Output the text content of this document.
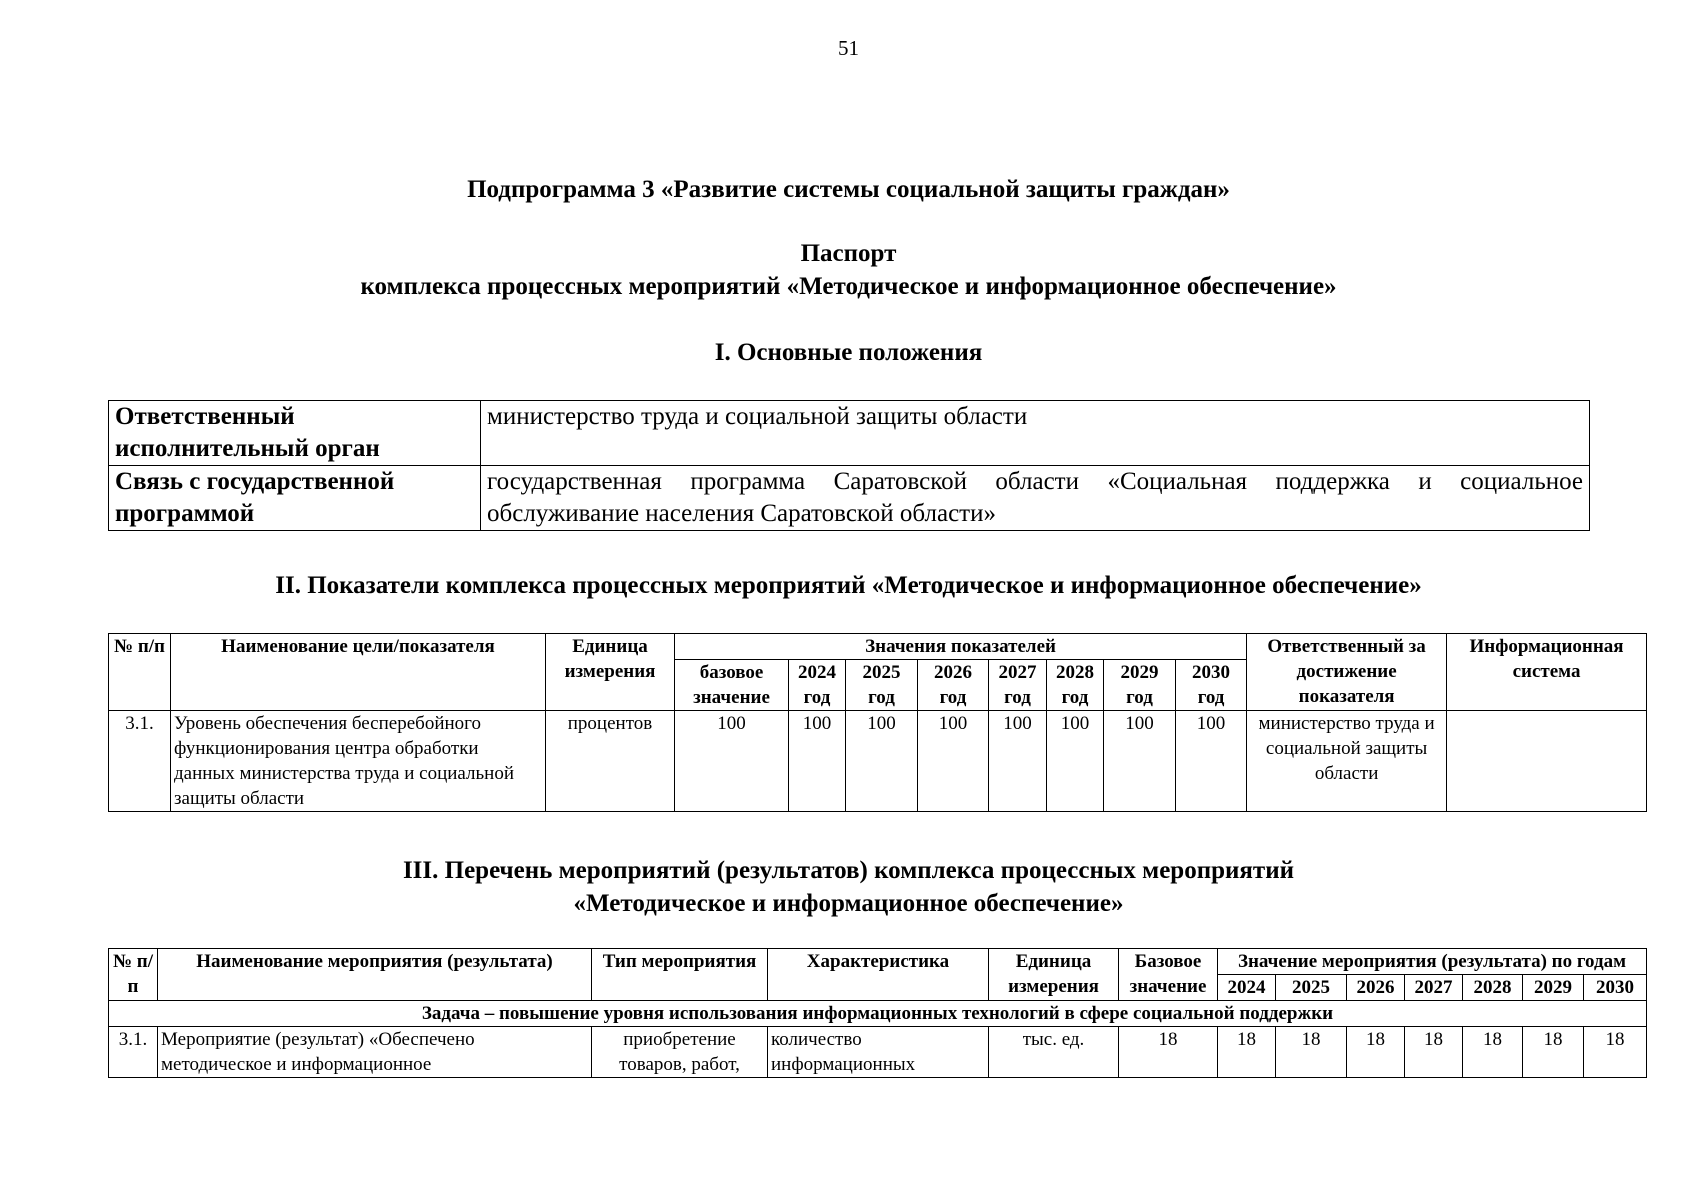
51
Подпрограмма 3 «Развитие системы социальной защиты граждан»
Паспорт
комплекса процессных мероприятий «Методическое и информационное обеспечение»
I. Основные положения
Ответственный исполнительный орган	министерство труда и социальной защиты области
Связь с государственной программой	государственная программа Саратовской области «Социальная поддержка и социальное обслуживание населения Саратовской области»
II. Показатели комплекса процессных мероприятий «Методическое и информационное обеспечение»
№ п/п	Наименование цели/показателя	Единица измерения	Значения показателей								Ответственный за достижение показателя	Информационная система
			базовое значение	2024 год	2025 год	2026 год	2027 год	2028 год	2029 год	2030 год		
3.1.	Уровень обеспечения бесперебойного функционирования центра обработки данных министерства труда и социальной защиты области	процентов	100	100	100	100	100	100	100	100	министерство труда и социальной защиты области	
III. Перечень мероприятий (результатов) комплекса процессных мероприятий
«Методическое и информационное обеспечение»
№ п/п	Наименование мероприятия (результата)	Тип мероприятия	Характеристика	Единица измерения	Базовое значение	Значение мероприятия (результата) по годам						
						2024	2025	2026	2027	2028	2029	2030
Задача – повышение уровня использования информационных технологий в сфере социальной поддержки												
3.1.	Мероприятие (результат) «Обеспечено методическое и информационное	приобретение товаров, работ,	количество информационных	тыс. ед.	18	18	18	18	18	18	18	18
